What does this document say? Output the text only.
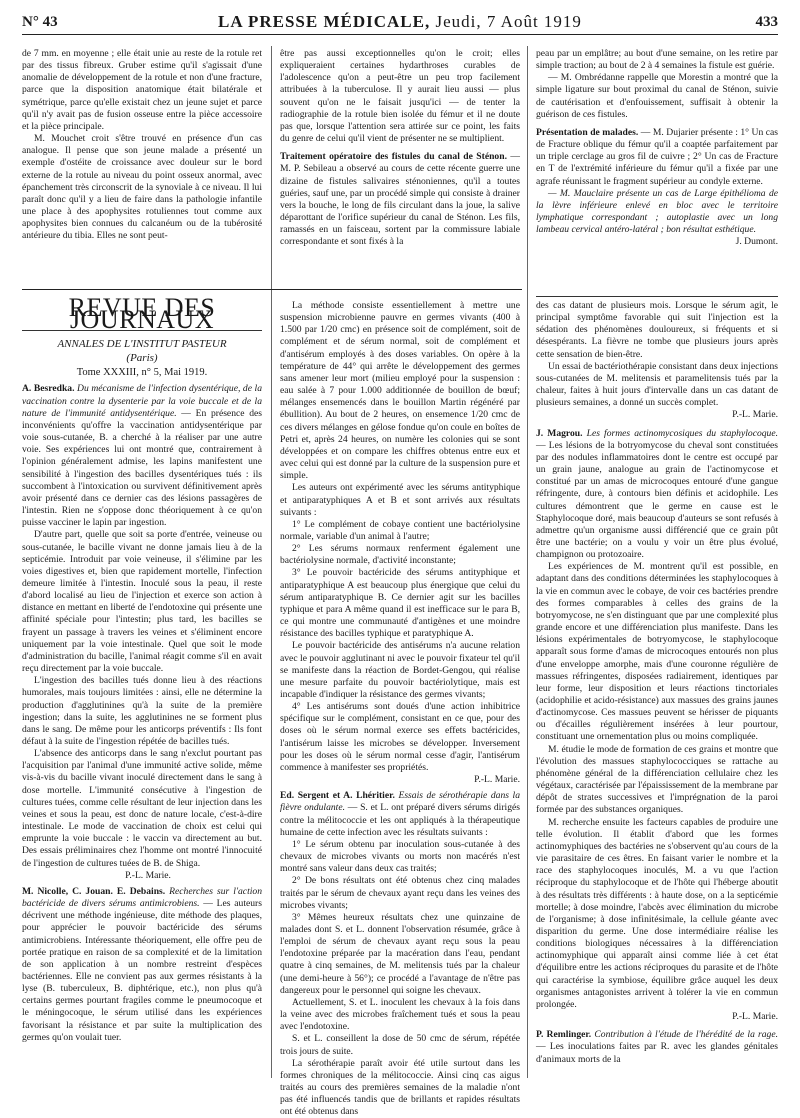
N° 43	LA PRESSE MÉDICALE, Jeudi, 7 Août 1919	433

de 7 mm. en moyenne ; elle était unie au reste de la rotule ret par des tissus fibreux. Gruber estime qu'il s'agissait d'une anomalie de développement de la rotule et non d'une fracture, parce que la disposition anatomique était bilatérale et symétrique, parce qu'elle existait chez un jeune sujet et parce qu'il n'y avait pas de fusion osseuse entre la pièce accessoire et la pièce principale.

M. Mouchet croit s'être trouvé en présence d'un cas analogue. Il pense que son jeune malade a présenté un exemple d'ostéite de croissance avec douleur sur le bord externe de la rotule au niveau du point osseux anormal, avec épanchement très circonscrit de la synoviale à ce niveau. Il lui paraît donc qu'il y a lieu de faire dans la pathologie infantile une place à des apophysites rotuliennes tout comme aux apophysites bien connues du calcanéum ou de la tubérosité antérieure du tibia. Elles ne sont peut-

être pas aussi exceptionnelles qu'on le croit; elles expliqueraient certaines hydarthroses curables de l'adolescence qu'on a peut-être un peu trop facilement attribuées à la tuberculose. Il y aurait lieu aussi — plus souvent qu'on ne le faisait jusqu'ici — de tenter la radiographie de la rotule bien isolée du fémur et il ne doute pas que, lorsque l'attention sera attirée sur ce point, les faits du genre de celui qu'il vient de présenter ne se multiplient.

Traitement opératoire des fistules du canal de Sténon. — M. P. Sebileau a observé au cours de cette récente guerre une dizaine de fistules salivaires sténoniennes, qu'il a toutes guéries, sauf une, par un procédé simple qui consiste à drainer vers la bouche, le long de fils circulant dans la joue, la salive déparottant de l'orifice supérieur du canal de Sténon. Les fils, ramassés en un faisceau, sortent par la commissure labiale correspondante et sont fixés à la

peau par un emplâtre; au bout d'une semaine, on les retire par simple traction; au bout de 2 à 4 semaines la fistule est guérie.

— M. Ombrédanne rappelle que Morestin a montré que la simple ligature sur bout proximal du canal de Sténon, suivie de cautérisation et d'enfouissement, suffisait à obtenir la guérison de ces fistules.

Présentation de malades. — M. Dujarier présente : 1° Un cas de Fracture oblique du fémur qu'il a coaptée parfaitement par un triple cerclage au gros fil de cuivre ; 2° Un cas de Fracture en T de l'extrémité inférieure du fémur qu'il a fixée par une agrafe réunissant le fragment supérieur au condyle externe.

— M. Mauclaire présente un cas de Large épithélioma de la lèvre inférieure enlevé en bloc avec le territoire lymphatique correspondant ; autoplastie avec un long lambeau cervical antéro-latéral ; bon résultat esthétique.

J. Dumont.

REVUE DES JOURNAUX
ANNALES DE L'INSTITUT PASTEUR
(Paris)
Tome XXXIII, n° 5, Mai 1919.

A. Besredka. Du mécanisme de l'infection dysentérique, de la vaccination contre la dysenterie par la voie buccale et de la nature de l'immunité antidysentérique. — En présence des inconvénients qu'offre la vaccination antidysentérique par voie sous-cutanée, B. a cherché à la réaliser par une autre voie. Ses expériences lui ont montré que, contrairement à l'opinion généralement admise, les lapins manifestent une sensibilité à l'ingestion des bacilles dysentériques tués : ils succombent à l'intoxication ou survivent définitivement après avoir présenté dans ce dernier cas des lésions passagères de l'intestin. Rien ne s'oppose donc théoriquement à ce qu'on puisse vacciner le lapin par ingestion.

D'autre part, quelle que soit sa porte d'entrée, veineuse ou sous-cutanée, le bacille vivant ne donne jamais lieu à de la septicémie. Introduit par voie veineuse, il s'élimine par les voies digestives et, bien que rapidement mortelle, l'infection demeure limitée à l'intestin. Inoculé sous la peau, il reste d'abord localisé au lieu de l'injection et exerce son action à distance en mettant en liberté de l'endotoxine qui présente une affinité spéciale pour l'intestin; plus tard, les bacilles se frayent un passage à travers les veines et s'éliminent encore uniquement par la voie intestinale. Quel que soit le mode d'administration du bacille, l'animal réagit comme s'il en avait reçu directement par la voie buccale.

L'ingestion des bacilles tués donne lieu à des réactions humorales, mais toujours limitées : ainsi, elle ne détermine la production d'agglutinines qu'à la suite de la première ingestion; dans la suite, les agglutinines ne se forment plus dans le sang. De même pour les anticorps préventifs : Ils font défaut à la suite de l'ingestion répétée de bacilles tués.

L'absence des anticorps dans le sang n'exclut pourtant pas l'acquisition par l'animal d'une immunité active solide, même vis-à-vis du bacille vivant inoculé directement dans le sang à dose mortelle. L'immunité consécutive à l'ingestion de cultures tuées, comme celle résultant de leur injection dans les veines et sous la peau, est donc de nature locale, c'est-à-dire intestinale. Le mode de vaccination de choix est celui qui emprunte la voie buccale : le vaccin va directement au but. Des essais préliminaires chez l'homme ont montré l'innocuité de l'ingestion de cultures tuées de B. de Shiga.

P.-L. Marie.

M. Nicolle, C. Jouan. E. Debains. Recherches sur l'action bactéricide de divers sérums antimicrobiens. — Les auteurs décrivent une méthode ingénieuse, dite méthode des plaques, pour apprécier le pouvoir bactéricide des sérums antimicrobiens. Intéressante théoriquement, elle offre peu de portée pratique en raison de sa complexité et de la limitation de son application à un nombre restreint d'espèces bactériennes. Elle ne convient pas aux germes résistants à la lyse (B. tuberculeux, B. diphtérique, etc.), non plus qu'à certains germes pourtant fragiles comme le pneumocoque et le méningocoque, le sérum utilisé dans les expériences favorisant la résistance et par suite la multiplication des germes qu'on voulait tuer.

La méthode consiste essentiellement à mettre une suspension microbienne pauvre en germes vivants (400 à 1.500 par 1/20 cmc) en présence soit de complément, soit de complément et de sérum normal, soit de complément et d'antisérum employés à des doses variables. On opère à la température de 44° qui arrête le développement des germes sans amener leur mort (milieu employé pour la suspension : eau salée à 7 pour 1.000 additionnée de bouillon de bœuf; mélanges ensemencés dans le bouillon Martin régénéré par ébullition). Au bout de 2 heures, on ensemence 1/20 cmc de ces divers mélanges en gélose fondue qu'on coule en boîtes de Petri et, après 24 heures, on numère les colonies qui se sont développées et on compare les chiffres obtenus entre eux et avec celui qui est donné par la culture de la suspension pure et simple.

Les auteurs ont expérimenté avec les sérums antityphique et antiparatyphiques A et B et sont arrivés aux résultats suivants :

1° Le complément de cobaye contient une bactériolysine normale, variable d'un animal à l'autre;

2° Les sérums normaux renferment également une bactériolysine normale, d'activité inconstante;

3° Le pouvoir bactéricide des sérums antityphique et antiparatyphique A est beaucoup plus énergique que celui du sérum antiparatyphique B. Ce dernier agit sur les bacilles typhique et para A même quand il est inefficace sur le para B, ce qui montre une communauté d'antigènes et une moindre résistance des bacilles typhique et paratyphique A.

Le pouvoir bactéricide des antisérums n'a aucune relation avec le pouvoir agglutinant ni avec le pouvoir fixateur tel qu'il se manifeste dans la réaction de Bordet-Gengou, qui réalise une mesure parfaite du pouvoir bactériolytique, mais est incapable d'indiquer la résistance des germes vivants;

4° Les antisérums sont doués d'une action inhibitrice spécifique sur le complément, consistant en ce que, pour des doses où le sérum normal exerce ses effets bactéricides, l'antisérum laisse les microbes se développer. Inversement pour les doses où le sérum normal cesse d'agir, l'antisérum commence à manifester ses propriétés.

P.-L. Marie.

Ed. Sergent et A. Lhéritier. Essais de sérothérapie dans la fièvre ondulante. — S. et L. ont préparé divers sérums dirigés contre la mélitococcie et les ont appliqués à la thérapeutique humaine de cette infection avec les résultats suivants :

1° Le sérum obtenu par inoculation sous-cutanée à des chevaux de microbes vivants ou morts non macérés n'est montré sans valeur dans deux cas traités;

2° De bons résultats ont été obtenus chez cinq malades traités par le sérum de chevaux ayant reçu dans les veines des microbes vivants;

3° Mêmes heureux résultats chez une quinzaine de malades dont S. et L. donnent l'observation résumée, grâce à l'emploi de sérum de chevaux ayant reçu sous la peau l'endotoxine préparée par la macération dans l'eau, pendant quatre à cinq semaines, de M. melitensis tués par la chaleur (une demi-heure à 56°); ce procédé a l'avantage de n'être pas dangereux pour le personnel qui soigne les chevaux.

Actuellement, S. et L. inoculent les chevaux à la fois dans la veine avec des microbes fraîchement tués et sous la peau avec l'endotoxine.

S. et L. conseillent la dose de 50 cmc de sérum, répétée trois jours de suite.

La sérothérapie paraît avoir été utile surtout dans les formes chroniques de la mélitococcie. Ainsi cinq cas aigus traités au cours des premières semaines de la maladie n'ont pas été influencés tandis que de brillants et rapides résultats ont été obtenus dans

des cas datant de plusieurs mois. Lorsque le sérum agit, le principal symptôme favorable qui suit l'injection est la sédation des phénomènes douloureux, si fréquents et si désespérants. La fièvre ne tombe que plusieurs jours après cette sensation de bien-être.

Un essai de bactériothérapie consistant dans deux injections sous-cutanées de M. melitensis et paramelitensis tués par la chaleur, faites à huit jours d'intervalle dans un cas datant de plusieurs semaines, a donné un succès complet.

P.-L. Marie.

J. Magrou. Les formes actinomycosiques du staphylocoque. — Les lésions de la botryomycose du cheval sont constituées par des nodules inflammatoires dont le centre est occupé par un grain jaune, analogue au grain de l'actinomycose et constitué par un amas de microcoques entouré d'une gangue réfringente, dure, à contours bien définis et acidophile. Les cultures démontrent que le germe en cause est le Staphylocoque doré, mais beaucoup d'auteurs se sont refusés à admettre qu'un organisme aussi différencié que ce grain pût être une bactérie; on a voulu y voir un être plus évolué, champignon ou protozoaire.

Les expériences de M. montrent qu'il est possible, en adaptant dans des conditions déterminées les staphylocoques à la vie en commun avec le cobaye, de voir ces bactéries prendre des formes comparables à celles des grains de la botryomycose, ne s'en distinguant que par une complexité plus grande encore et une différenciation plus manifeste. Dans les lésions expérimentales de botryomycose, le staphylocoque apparaît sous forme d'amas de microcoques entourés non plus d'une enveloppe amorphe, mais d'une couronne régulière de massues réfringentes, disposées radiairement, identiques par leur forme, leur disposition et leurs réactions tinctoriales (acidophilie et acido-résistance) aux massues des grains jaunes d'actinomycose. Ces massues peuvent se hérisser de piquants ou d'écailles régulièrement insérées à leur pourtour, constituant une ornementation plus ou moins compliquée.

M. étudie le mode de formation de ces grains et montre que l'évolution des massues staphylococciques se rattache au phénomène général de la différenciation cellulaire chez les végétaux, caractérisée par l'épaississement de la membrane par dépôt de strates successives et l'imprégnation de la paroi formée par des substances organiques.

M. recherche ensuite les facteurs capables de produire une telle évolution. Il établit d'abord que les formes actinomyphiques des bactéries ne s'observent qu'au cours de la vie parasitaire de ces êtres. En faisant varier le nombre et la race des staphylocoques inoculés, M. a vu que l'action réciproque du staphylocoque et de l'hôte qui l'héberge aboutit à des résultats très différents : à haute dose, on a la septicémie mortelle; à dose moindre, l'abcès avec élimination du microbe de l'organisme; à dose infinitésimale, la cellule géante avec disparition du germe. Une dose intermédiaire réalise les conditions biologiques nécessaires à la différenciation actinomyphique qui apparaît ainsi comme liée à cet état d'équilibre entre les actions réciproques du parasite et de l'hôte qui caractérise la symbiose, équilibre grâce auquel les deux organismes antagonistes arrivent à tolérer la vie en commun prolongée.

P.-L. Marie.

P. Remlinger. Contribution à l'étude de l'hérédité de la rage. — Les inoculations faites par R. avec les glandes génitales d'animaux morts de la
